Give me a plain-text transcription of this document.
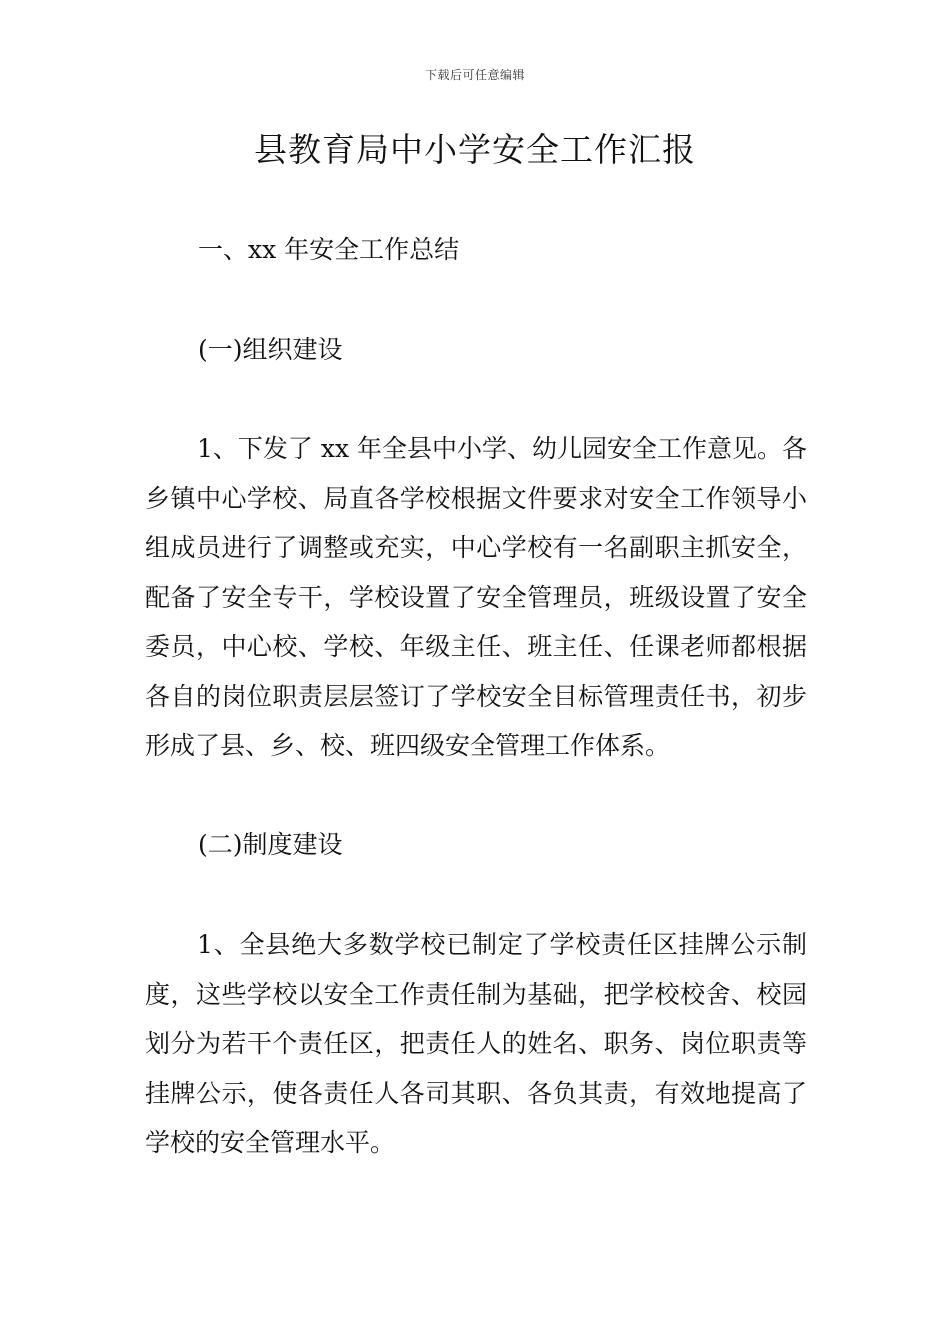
下载后可任意编辑
县教育局中小学安全工作汇报

一、xx 年安全工作总结

(一)组织建设

1、下发了 xx 年全县中小学、幼儿园安全工作意见。各乡镇中心学校、局直各学校根据文件要求对安全工作领导小组成员进行了调整或充实，中心学校有一名副职主抓安全，配备了安全专干，学校设置了安全管理员，班级设置了安全委员，中心校、学校、年级主任、班主任、任课老师都根据各自的岗位职责层层签订了学校安全目标管理责任书，初步形成了县、乡、校、班四级安全管理工作体系。

(二)制度建设

1、全县绝大多数学校已制定了学校责任区挂牌公示制度，这些学校以安全工作责任制为基础，把学校校舍、校园划分为若干个责任区，把责任人的姓名、职务、岗位职责等挂牌公示，使各责任人各司其职、各负其责，有效地提高了学校的安全管理水平。
